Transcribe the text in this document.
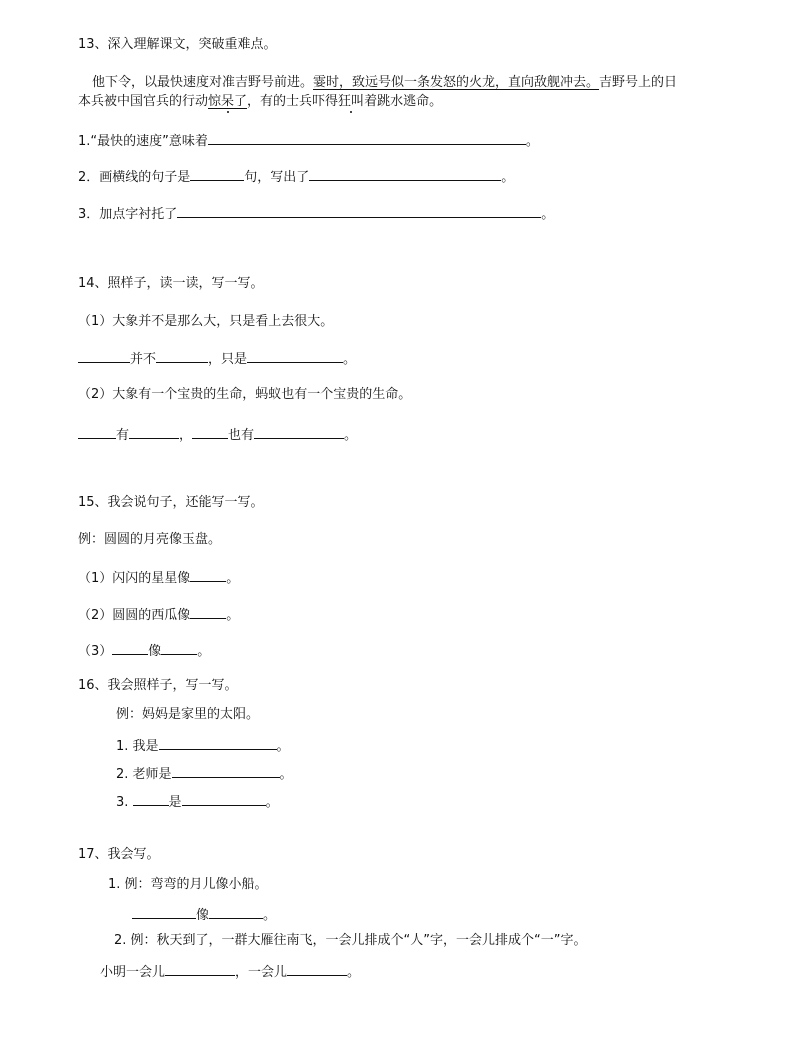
13、深入理解课文，突破重难点。
他下令，以最快速度对准吉野号前进。霎时，致远号似一条发怒的火龙，直向敌舰冲去。吉野号上的日
本兵被中国官兵的行动惊呆了，有的士兵吓得狂叫着跳水逃命。
1.“最快的速度”意味着	。
2．画横线的句子是	句，写出了	。
3．加点字衬托了	。
14、照样子，读一读，写一写。
（1）大象并不是那么大，只是看上去很大。
并不	，只是	。
（2）大象有一个宝贵的生命，蚂蚁也有一个宝贵的生命。
有	，	也有	。
15、我会说句子，还能写一写。
例：圆圆的月亮像玉盘。
（1）闪闪的星星像	。
（2）圆圆的西瓜像	。
（3）	像	。
16、我会照样子，写一写。
例：妈妈是家里的太阳。
1. 我是	。
2. 老师是	。
3.	是	。
17、我会写。
1. 例：弯弯的月儿像小船。
像	。
2. 例：秋天到了，一群大雁往南飞，一会儿排成个“人”字，一会儿排成个“一”字。
小明一会儿	，一会儿	。
